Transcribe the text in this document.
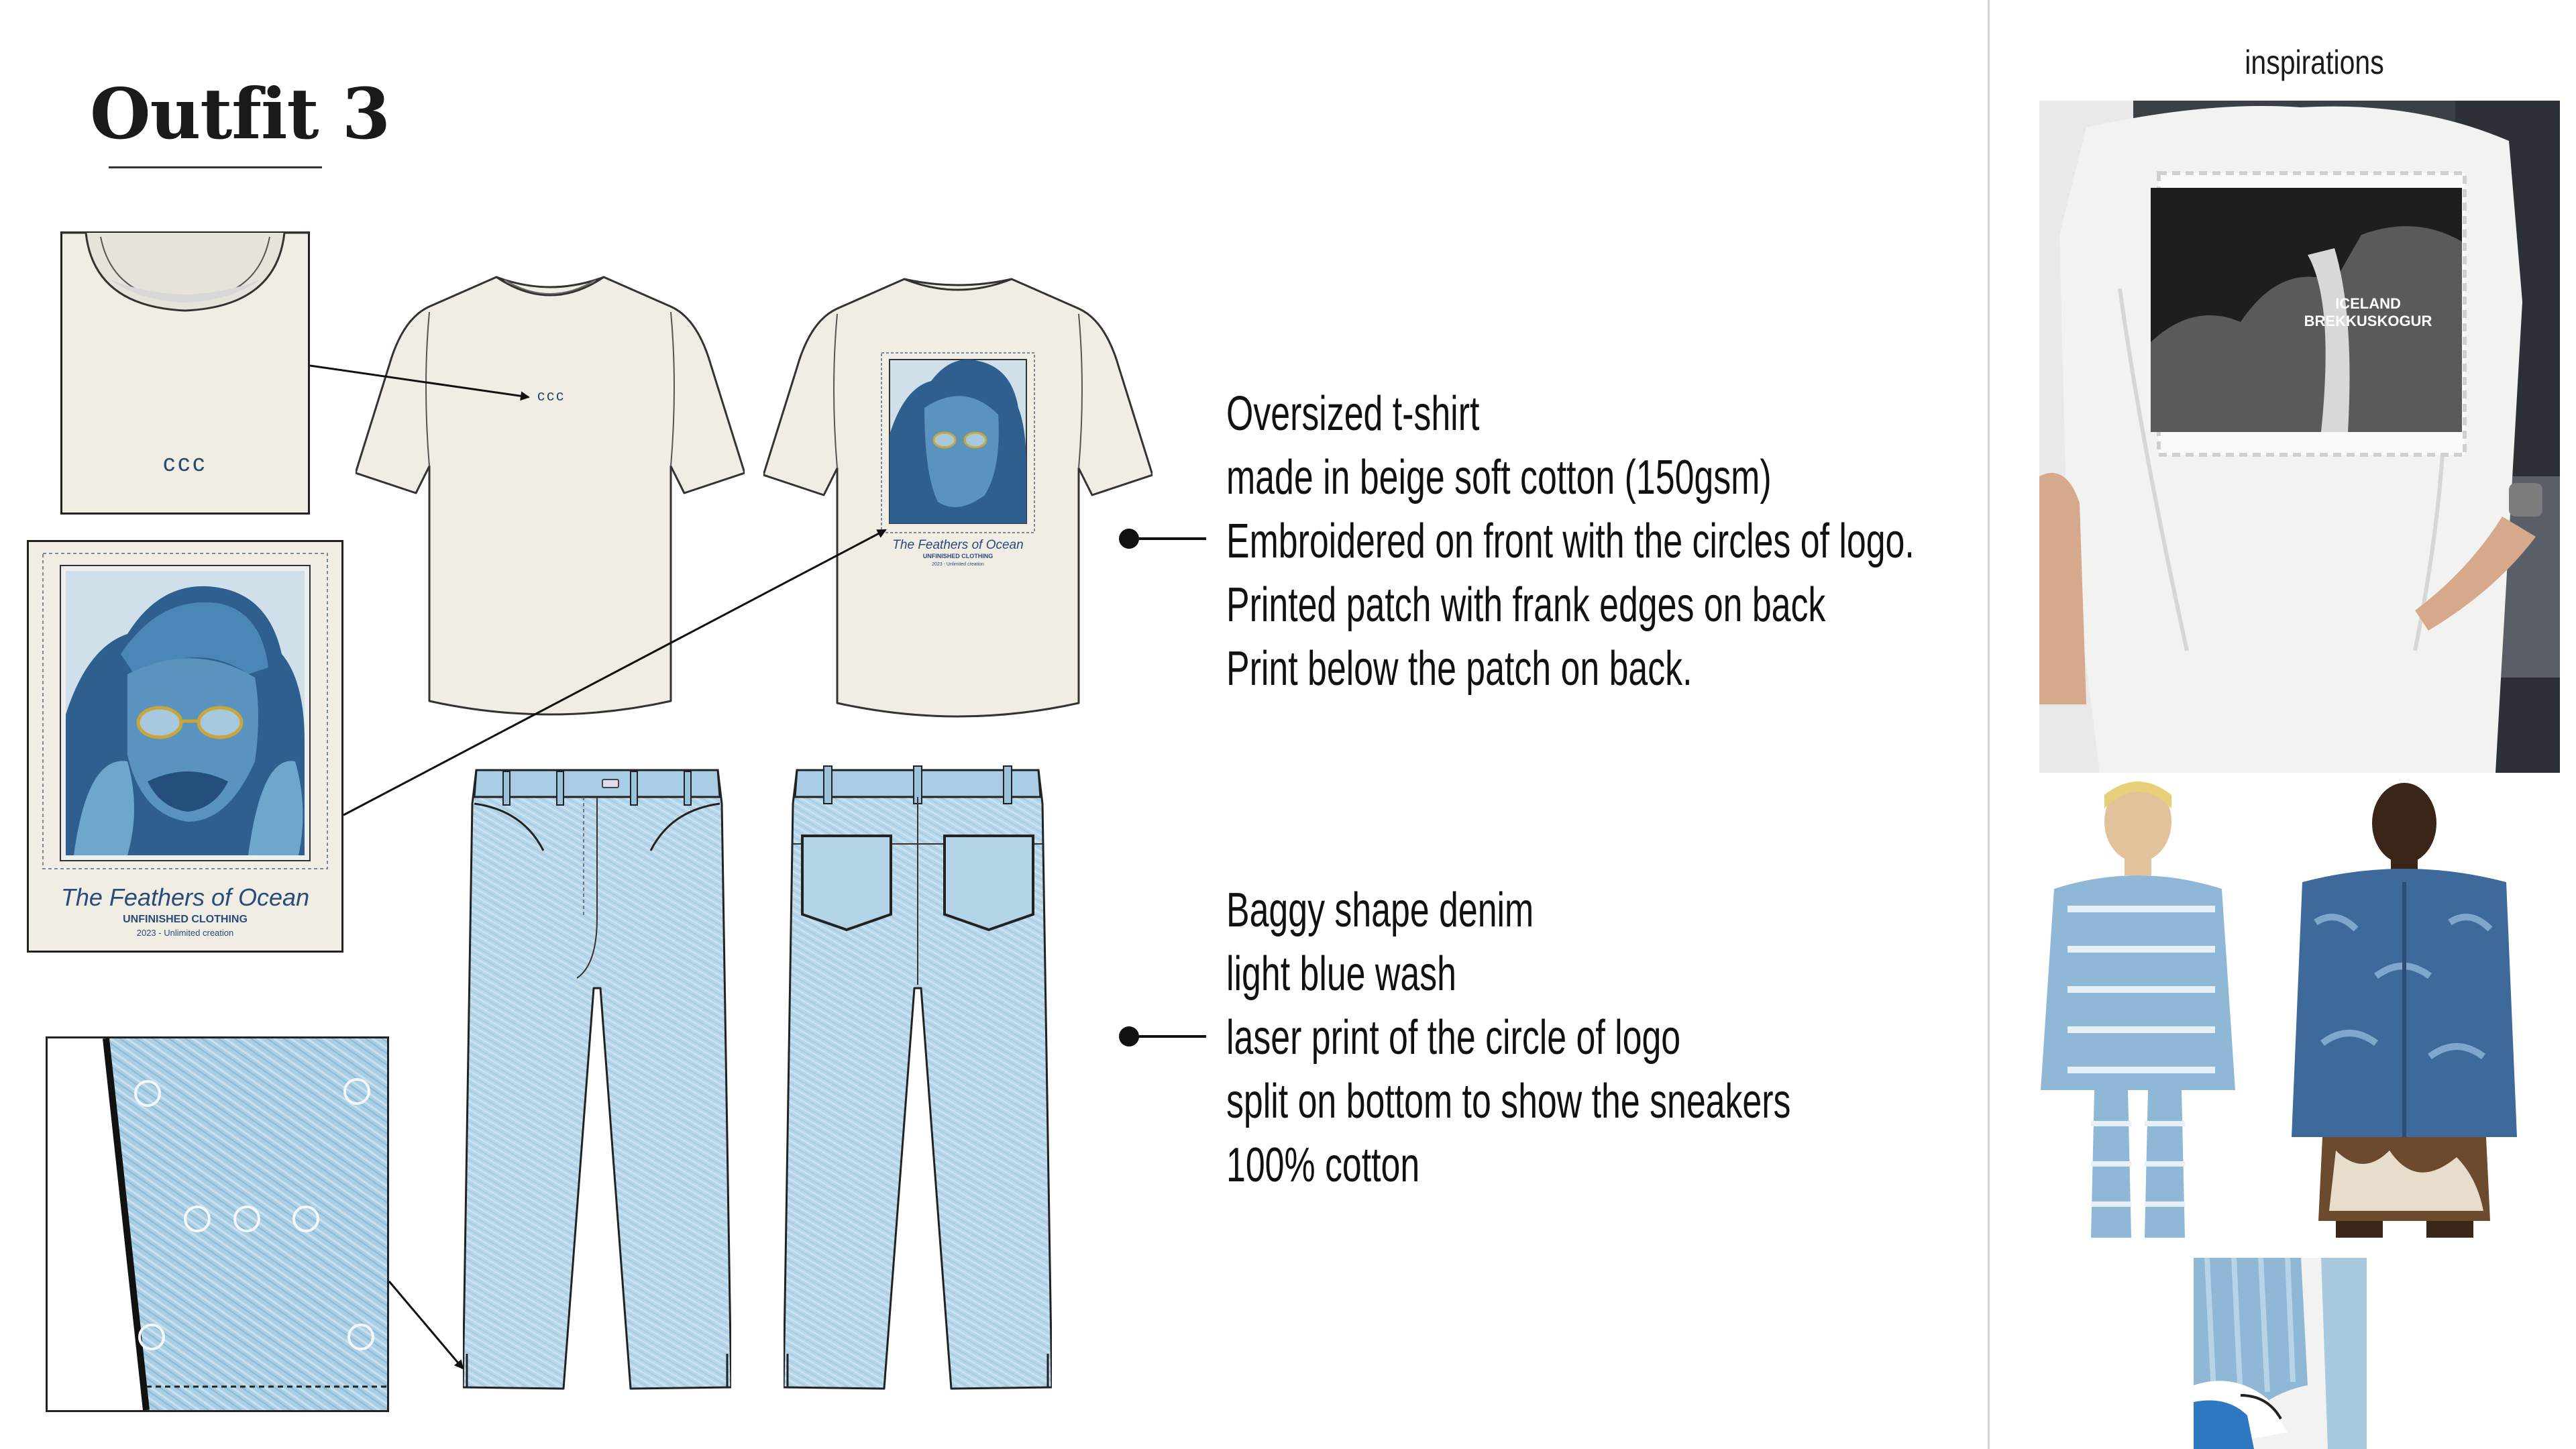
Outfit 3
ccc
The Feathers of Ocean
UNFINISHED CLOTHING
2023 - Unlimited creation
ccc
The Feathers of Ocean
UNFINISHED CLOTHING
2023 - Unlimited creation
Oversized t-shirt
made in beige soft cotton (150gsm)
Embroidered on front with the circles of logo.
Printed patch with frank edges on back
Print below the patch on back.
Baggy shape denim
light blue wash
laser print of the circle of logo
split on bottom to show the sneakers
100% cotton
inspirations
ICELAND
BREKKUSKOGUR
